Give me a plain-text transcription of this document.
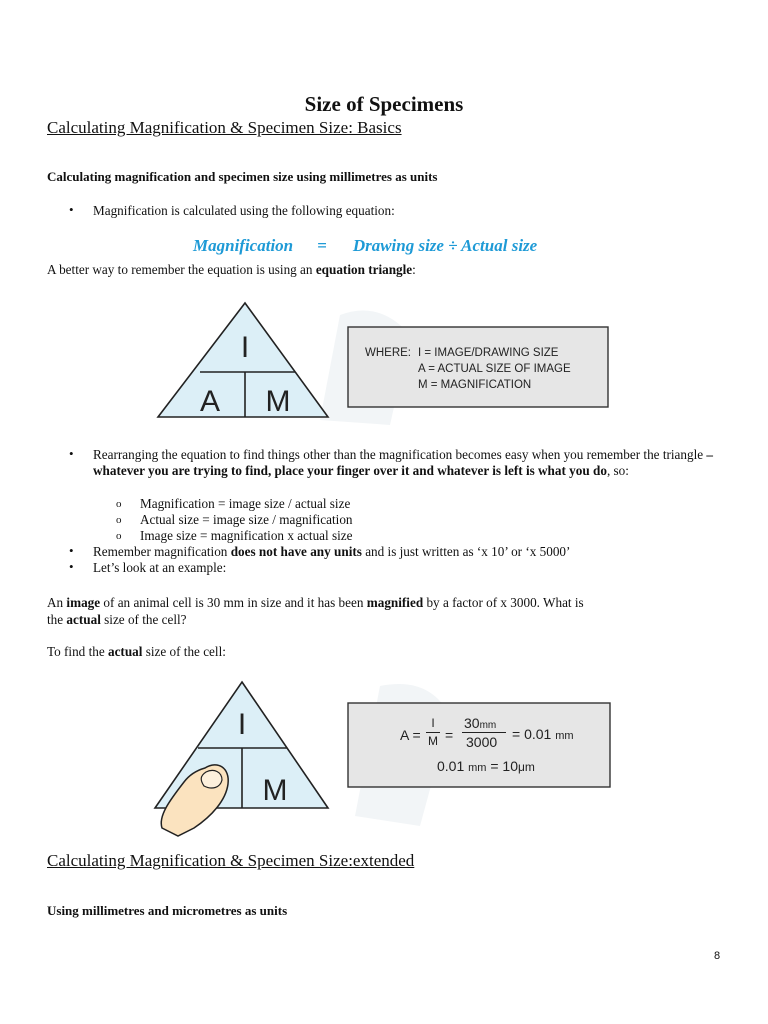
Size of Specimens
Calculating Magnification & Specimen Size: Basics
Calculating magnification and specimen size using millimetres as units
• Magnification is calculated using the following equation:
Magnification = Drawing size ÷ Actual size
A better way to remember the equation is using an equation triangle:
I
A M
WHERE: I = IMAGE/DRAWING SIZE
A = ACTUAL SIZE OF IMAGE
M = MAGNIFICATION
• Rearranging the equation to find things other than the magnification becomes easy when you remember the triangle – whatever you are trying to find, place your finger over it and whatever is left is what you do, so:
o Magnification = image size / actual size
o Actual size = image size / magnification
o Image size = magnification x actual size
• Remember magnification does not have any units and is just written as ‘x 10’ or ‘x 5000’
• Let’s look at an example:
An image of an animal cell is 30 mm in size and it has been magnified by a factor of x 3000. What is
the actual size of the cell?
To find the actual size of the cell:
I
M
A =
I
M =
30mm
3000 = 0.01 mm
0.01 mm = 10μm
Calculating Magnification & Specimen Size:extended
Using millimetres and micrometres as units
8
